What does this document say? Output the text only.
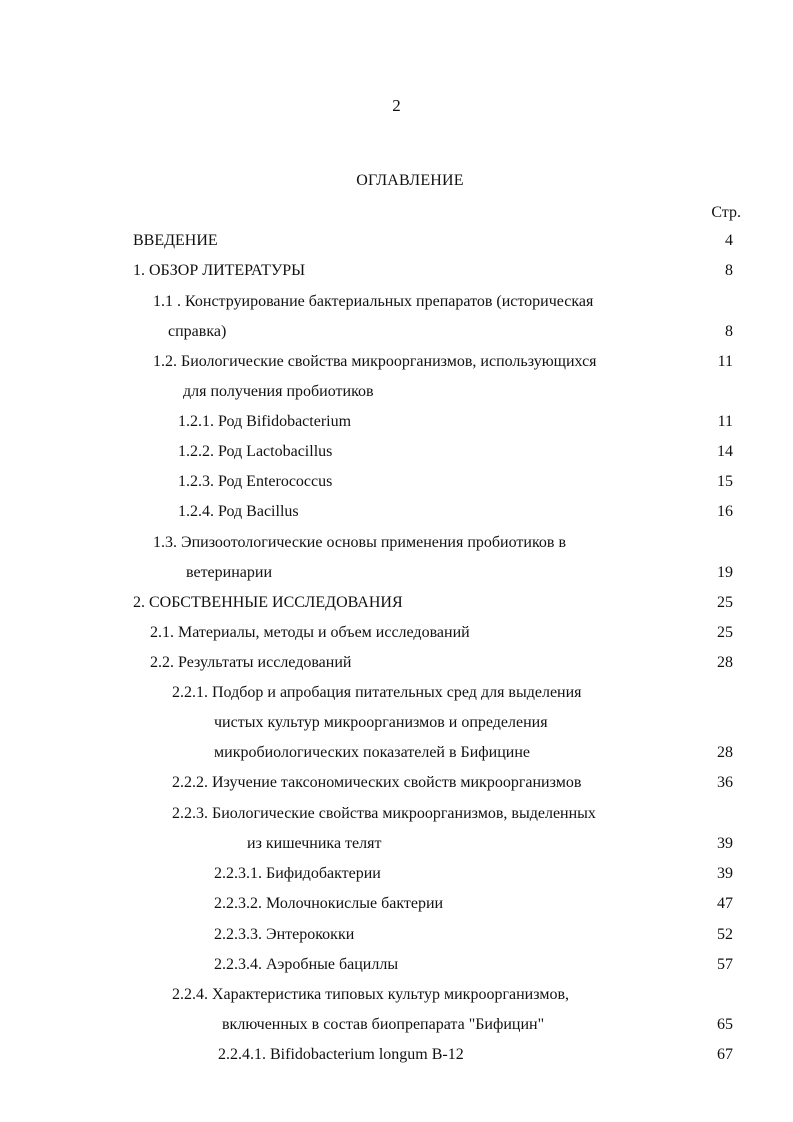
2
ОГЛАВЛЕНИЕ
Стр.
ВВЕДЕНИЕ	4
1. ОБЗОР ЛИТЕРАТУРЫ	8
1.1 . Конструирование бактериальных препаратов (историческая
справка)	8
1.2. Биологические свойства микроорганизмов, использующихся	11
для получения пробиотиков
1.2.1. Род Bifidobacterium	11
1.2.2. Род Lactobacillus	14
1.2.3. Род Enterococcus	15
1.2.4. Род Bacillus	16
1.3. Эпизоотологические основы применения пробиотиков в
ветеринарии	19
2. СОБСТВЕННЫЕ ИССЛЕДОВАНИЯ	25
2.1. Материалы, методы и объем исследований	25
2.2. Результаты исследований	28
2.2.1. Подбор и апробация питательных сред для выделения
чистых культур микроорганизмов и определения
микробиологических показателей в Бифицине	28
2.2.2. Изучение таксономических свойств микроорганизмов	36
2.2.3. Биологические свойства микроорганизмов, выделенных
из кишечника телят	39
2.2.3.1. Бифидобактерии	39
2.2.3.2. Молочнокислые бактерии	47
2.2.3.3. Энтерококки	52
2.2.3.4. Аэробные бациллы	57
2.2.4. Характеристика типовых культур микроорганизмов,
включенных в состав биопрепарата "Бифицин"	65
2.2.4.1. Bifidobacterium longum B-12	67
